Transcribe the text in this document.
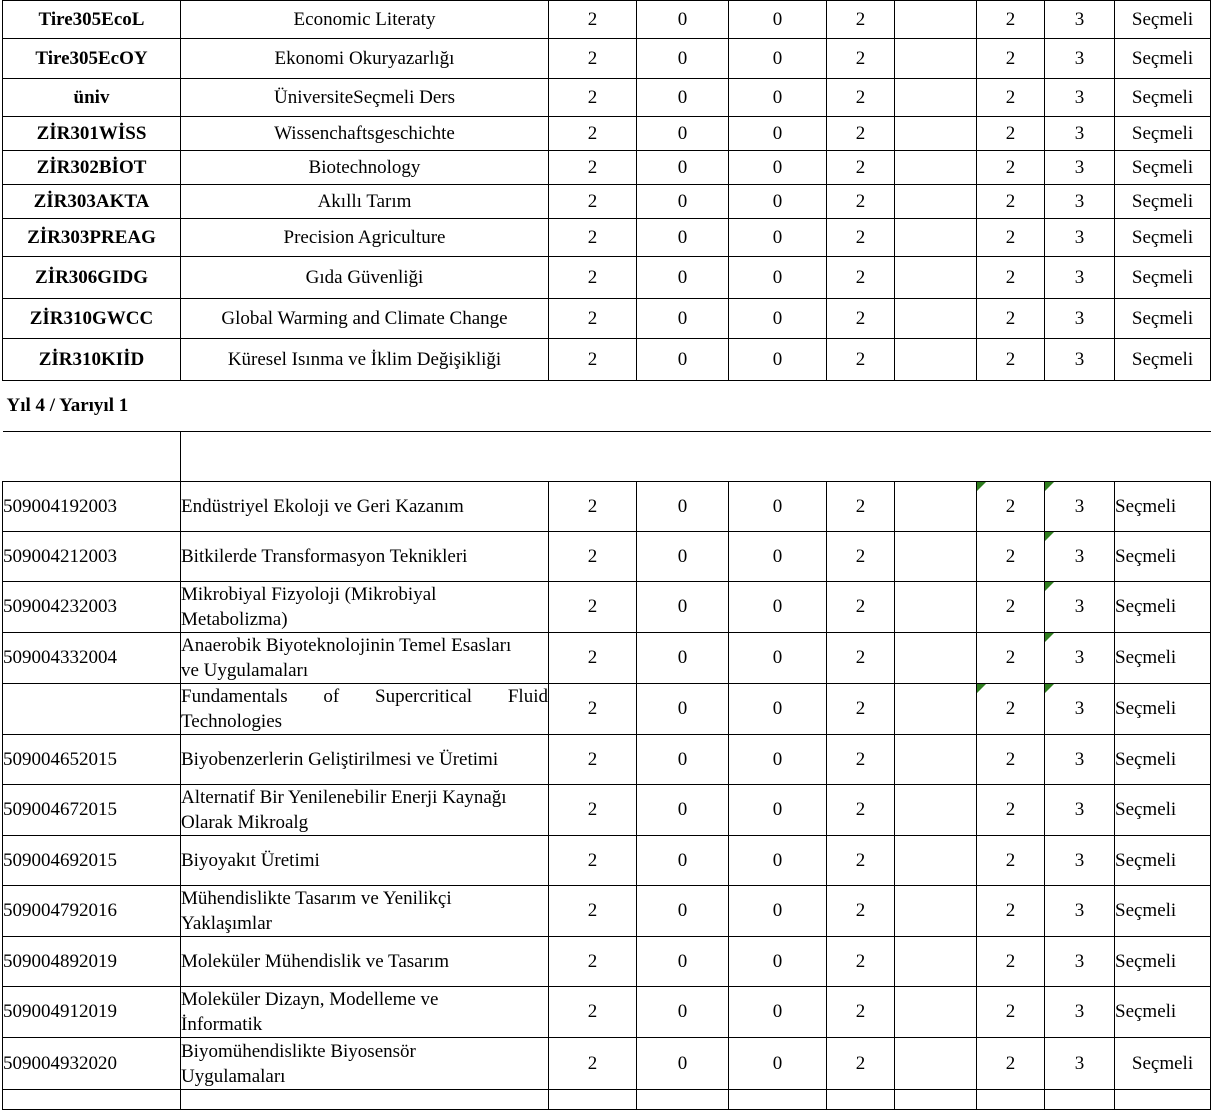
Tire305EcoL	Economic Literaty	2	0	0	2		2	3	Seçmeli
Tire305EcOY	Ekonomi Okuryazarlığı	2	0	0	2		2	3	Seçmeli
üniv	ÜniversiteSeçmeli Ders	2	0	0	2		2	3	Seçmeli
ZİR301WİSS	Wissenchaftsgeschichte	2	0	0	2		2	3	Seçmeli
ZİR302BİOT	Biotechnology	2	0	0	2		2	3	Seçmeli
ZİR303AKTA	Akıllı Tarım	2	0	0	2		2	3	Seçmeli
ZİR303PREAG	Precision Agriculture	2	0	0	2		2	3	Seçmeli
ZİR306GIDG	Gıda Güvenliği	2	0	0	2		2	3	Seçmeli
ZİR310GWCC	Global Warming and Climate Change	2	0	0	2		2	3	Seçmeli
ZİR310KIİD	Küresel Isınma ve İklim Değişikliği	2	0	0	2		2	3	Seçmeli
Yıl 4 / Yarıyıl 1									

509004192003	Endüstriyel Ekoloji ve Geri Kazanım	2	0	0	2		2	3	Seçmeli
509004212003	Bitkilerde Transformasyon Teknikleri	2	0	0	2		2	3	Seçmeli
509004232003	Mikrobiyal Fizyoloji (Mikrobiyal
Metabolizma)	2	0	0	2		2	3	Seçmeli
509004332004	Anaerobik Biyoteknolojinin Temel Esasları
ve Uygulamaları	2	0	0	2		2	3	Seçmeli

	Fundamentals of Supercritical Fluid
Technologies	2	0	0	2		2	3	Seçmeli
509004652015	Biyobenzerlerin Geliştirilmesi ve Üretimi	2	0	0	2		2	3	Seçmeli
509004672015	Alternatif Bir Yenilenebilir Enerji Kaynağı
Olarak Mikroalg	2	0	0	2		2	3	Seçmeli
509004692015	Biyoyakıt Üretimi	2	0	0	2		2	3	Seçmeli
509004792016	Mühendislikte Tasarım ve Yenilikçi
Yaklaşımlar	2	0	0	2		2	3	Seçmeli
509004892019	Moleküler Mühendislik ve Tasarım	2	0	0	2		2	3	Seçmeli
509004912019	Moleküler Dizayn, Modelleme ve
İnformatik	2	0	0	2		2	3	Seçmeli
509004932020	Biyomühendislikte Biyosensör
Uygulamaları	2	0	0	2		2	3	Seçmeli
